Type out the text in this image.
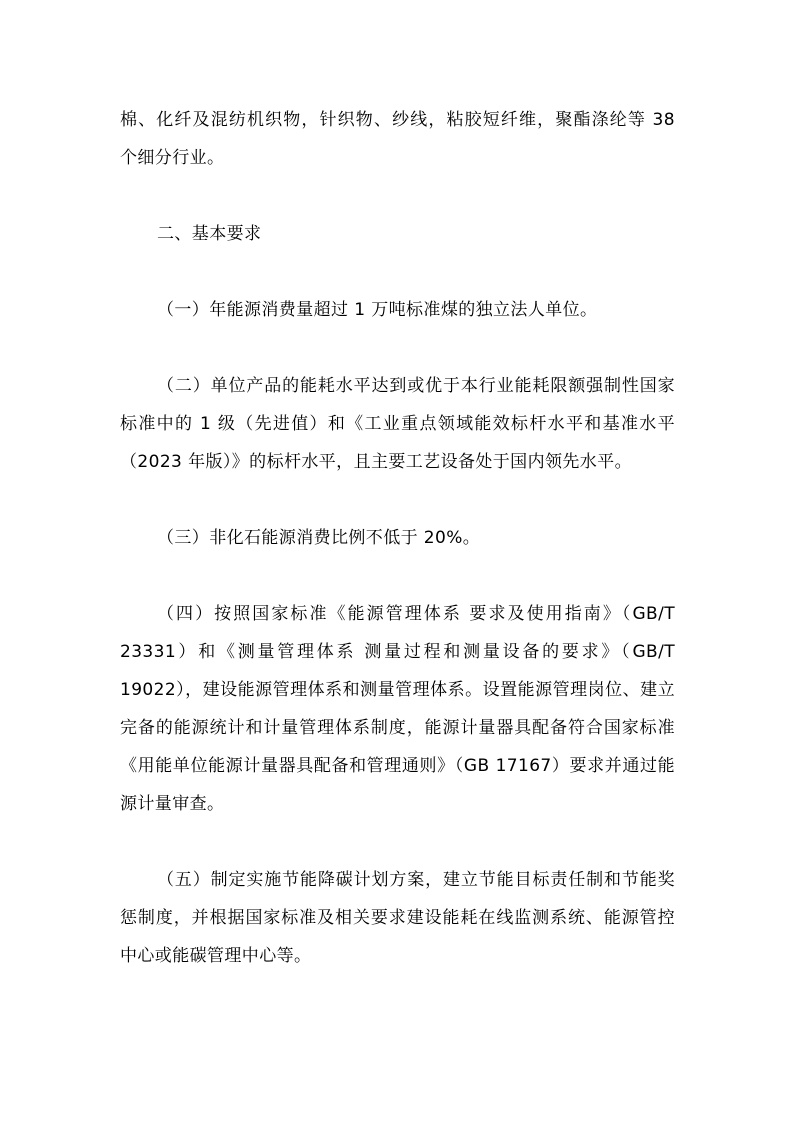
棉、化纤及混纺机织物，针织物、纱线，粘胶短纤维，聚酯涤纶等 38 个细分行业。

二、基本要求

（一）年能源消费量超过 1 万吨标准煤的独立法人单位。

（二）单位产品的能耗水平达到或优于本行业能耗限额强制性国家标准中的 1 级（先进值）和《工业重点领域能效标杆水平和基准水平（2023 年版）》的标杆水平，且主要工艺设备处于国内领先水平。

（三）非化石能源消费比例不低于 20%。

（四）按照国家标准《能源管理体系 要求及使用指南》（GB/T 23331）和《测量管理体系 测量过程和测量设备的要求》（GB/T 19022），建设能源管理体系和测量管理体系。设置能源管理岗位、建立完备的能源统计和计量管理体系制度，能源计量器具配备符合国家标准《用能单位能源计量器具配备和管理通则》（GB 17167）要求并通过能源计量审查。

（五）制定实施节能降碳计划方案，建立节能目标责任制和节能奖惩制度，并根据国家标准及相关要求建设能耗在线监测系统、能源管控中心或能碳管理中心等。
